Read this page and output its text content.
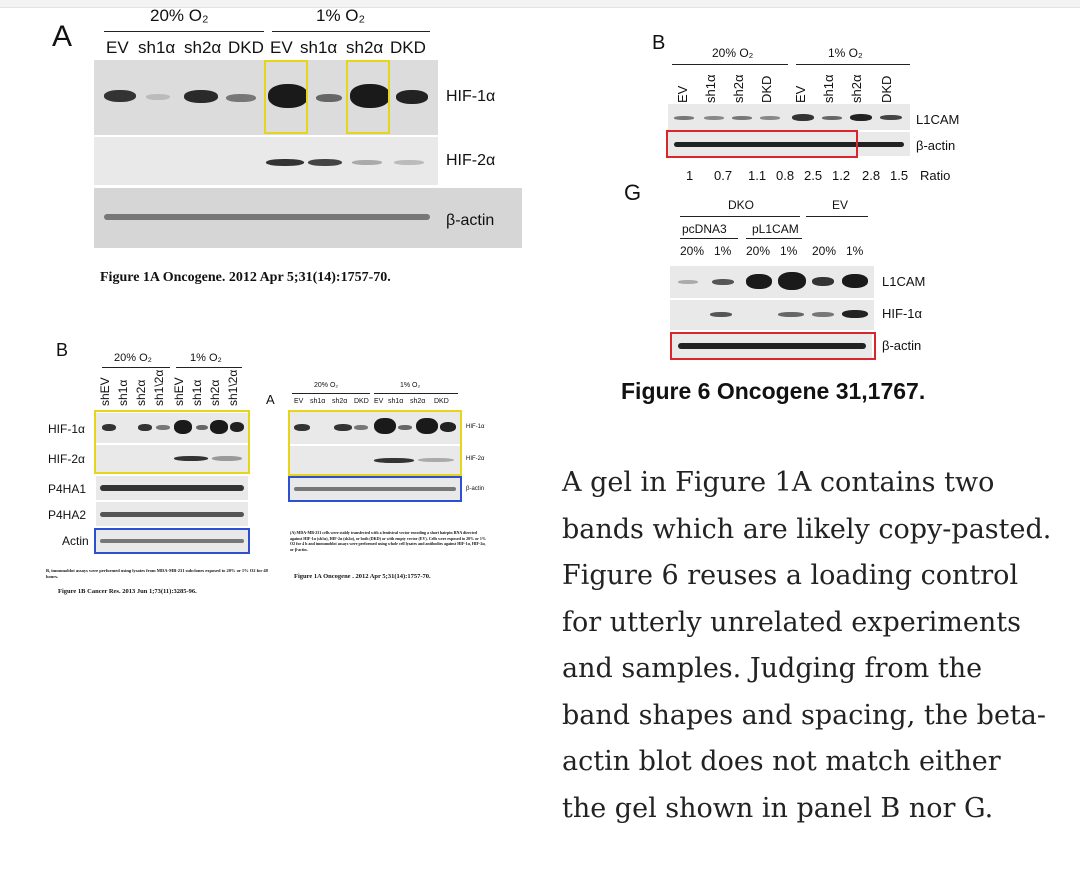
A
20% O₂	1% O₂
EV sh1α sh2α DKD EV sh1α sh2α DKD
HIF-1α
HIF-2α
β-actin
Figure 1A Oncogene. 2012 Apr 5;31(14):1757-70.
B	20% O₂	1% O₂
shEV sh1α sh2α sh1\2α shEV sh1α sh2α sh1\2α
HIF-1α
HIF-2α
P4HA1
P4HA2
Actin
B, immunoblot assays were performed using lysates from MDA-MB-231 subclones exposed to 20% or 1% O2 for 48 hours.
Figure 1B Cancer Res. 2013 Jun 1;73(11):3285-96.
A
20% O₂	1% O₂
EV sh1α sh2α DKD EV sh1α sh2α DKD
HIF-1α
HIF-2α
β-actin
(A) MDA-MB-231 cells were stably transfected with a lentiviral vector encoding a short hairpin RNA directed against HIF-1α (sh1α), HIF-2α (sh2α), or both (DKD) or with empty vector (EV). Cells were exposed to 20% or 1% O2 for 4 h and immunoblot assays were performed using whole cell lysates and antibodies against HIF-1α, HIF-2α, or β-actin.
Figure 1A Oncogene . 2012 Apr 5;31(14):1757-70.
B	20% O₂	1% O₂
EV sh1α sh2α DKD EV sh1α sh2α DKD
L1CAM
β-actin
1 0.7 1.1 0.8 2.5 1.2 2.8 1.5 Ratio
G	DKO	EV
pcDNA3 pL1CAM
20% 1% 20% 1% 20% 1%
L1CAM
HIF-1α
β-actin
Figure 6 Oncogene 31,1767.

A gel in Figure 1A contains two bands which are likely copy-pasted. Figure 6 reuses a loading control for utterly unrelated experiments and samples. Judging from the band shapes and spacing, the beta-actin blot does not match either the gel shown in panel B nor G.
